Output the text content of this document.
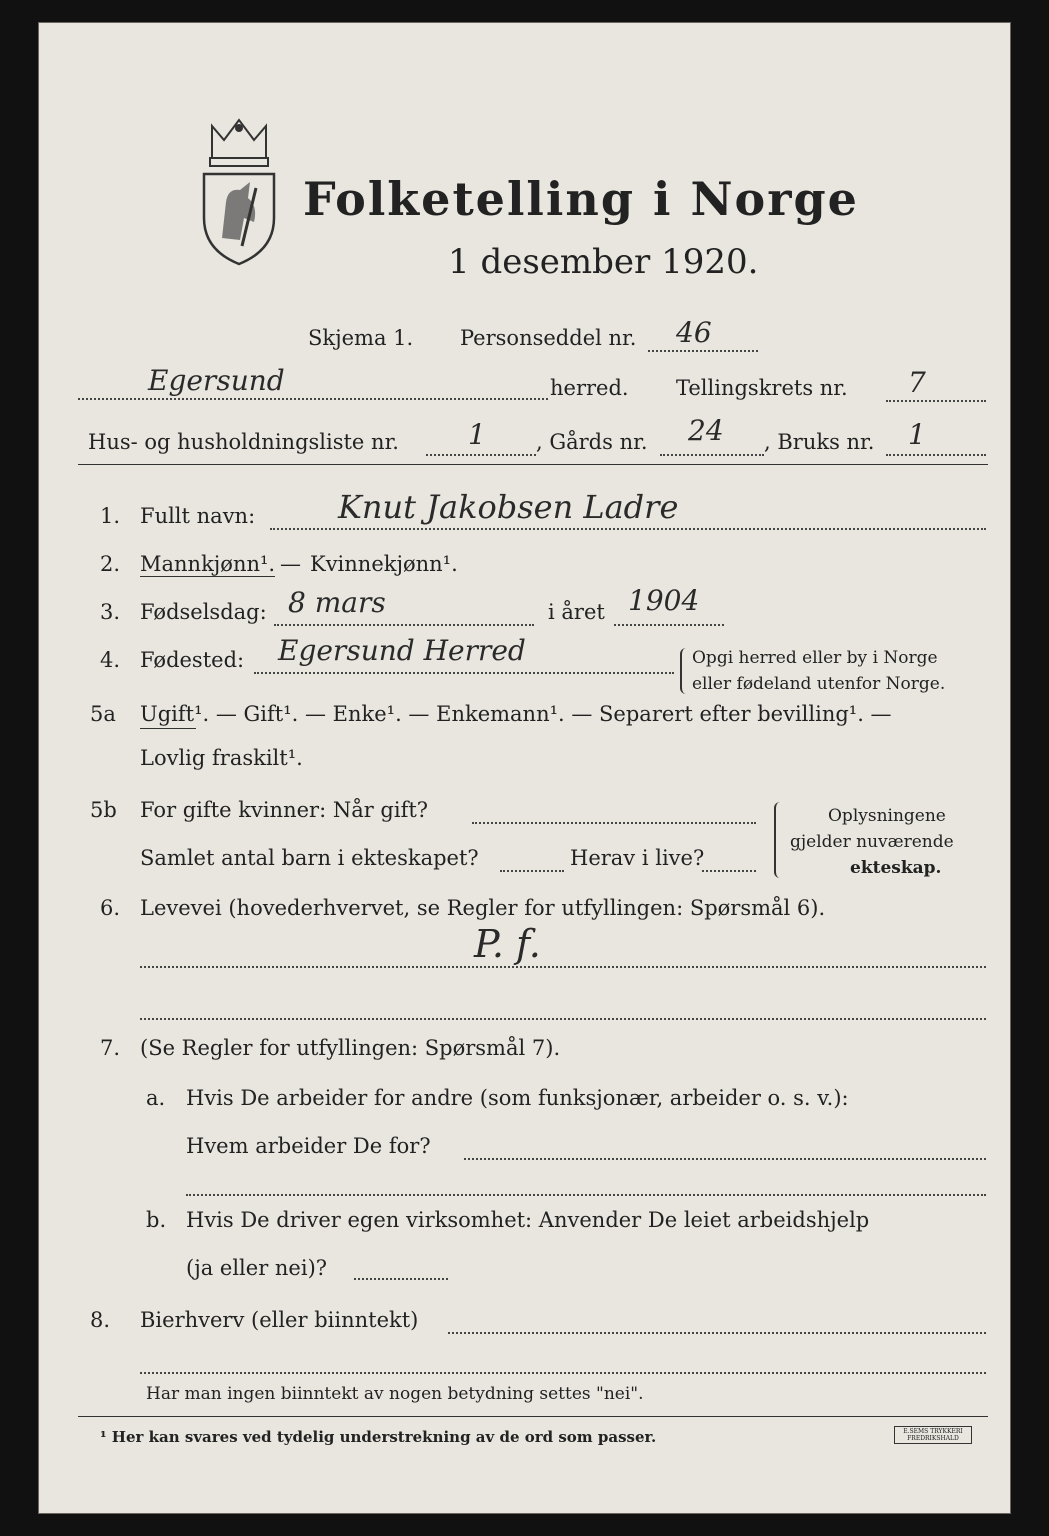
Folketelling i Norge
1 desember 1920.
Skjema 1. Personseddel nr. 46
Egersund	herred. Tellingskrets nr. 7
Hus- og husholdningsliste nr. 1 , Gårds nr. 24 , Bruks nr. 1
1. Fullt navn:	Knut Jakobsen Ladre
2. Mannkjønn¹. — Kvinnekjønn¹.
3. Fødselsdag: 8 mars	i året 1904
4. Fødested: Egersund Herred	Opgi herred eller by i Norge
eller fødeland utenfor Norge.
5a Ugift¹. — Gift¹. — Enke¹. — Enkemann¹. — Separert efter bevilling¹. —
Lovlig fraskilt¹.
5b For gifte kvinner: Når gift?
Samlet antal barn i ekteskapet?	Herav i live?
Oplysningene
gjelder nuværende
ekteskap.
6. Levevei (hovederhvervet, se Regler for utfyllingen: Spørsmål 6).
P. f.
7. (Se Regler for utfyllingen: Spørsmål 7).
a. Hvis De arbeider for andre (som funksjonær, arbeider o. s. v.):
Hvem arbeider De for?
b. Hvis De driver egen virksomhet: Anvender De leiet arbeidshjelp
(ja eller nei)?
8. Bierhverv (eller biinntekt)
Har man ingen biinntekt av nogen betydning settes "nei".
¹ Her kan svares ved tydelig understrekning av de ord som passer.	E.SEMS TRYKKERI FREDRIKSHALD
